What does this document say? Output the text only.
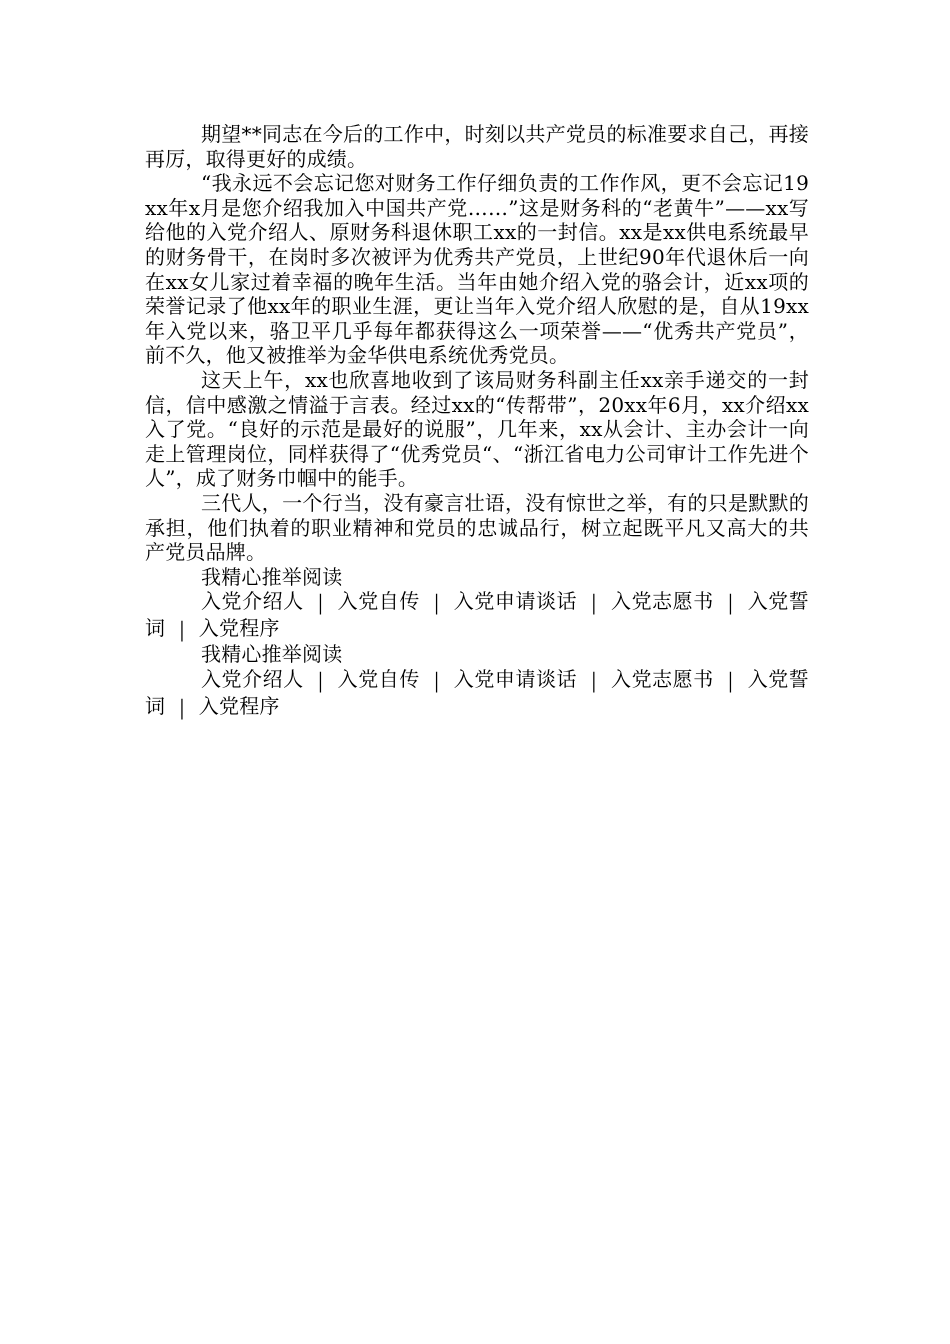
期望**同志在今后的工作中，时刻以共产党员的标准要求自己，再接再厉，取得更好的成绩。

“我永远不会忘记您对财务工作仔细负责的工作作风，更不会忘记19xx年x月是您介绍我加入中国共产党……”这是财务科的“老黄牛”——xx写给他的入党介绍人、原财务科退休职工xx的一封信。xx是xx供电系统最早的财务骨干，在岗时多次被评为优秀共产党员，上世纪90年代退休后一向在xx女儿家过着幸福的晚年生活。当年由她介绍入党的骆会计，近xx项的荣誉记录了他xx年的职业生涯，更让当年入党介绍人欣慰的是，自从19xx年入党以来，骆卫平几乎每年都获得这么一项荣誉——“优秀共产党员”，前不久，他又被推举为金华供电系统优秀党员。

这天上午，xx也欣喜地收到了该局财务科副主任xx亲手递交的一封信，信中感激之情溢于言表。经过xx的“传帮带”，20xx年6月，xx介绍xx入了党。“良好的示范是最好的说服”，几年来，xx从会计、主办会计一向走上管理岗位，同样获得了“优秀党员“、“浙江省电力公司审计工作先进个人”，成了财务巾帼中的能手。

三代人，一个行当，没有豪言壮语，没有惊世之举，有的只是默默的承担，他们执着的职业精神和党员的忠诚品行，树立起既平凡又高大的共产党员品牌。

我精心推举阅读

入党介绍人 | 入党自传 | 入党申请谈话 | 入党志愿书 | 入党誓词 | 入党程序

我精心推举阅读

入党介绍人 | 入党自传 | 入党申请谈话 | 入党志愿书 | 入党誓词 | 入党程序
